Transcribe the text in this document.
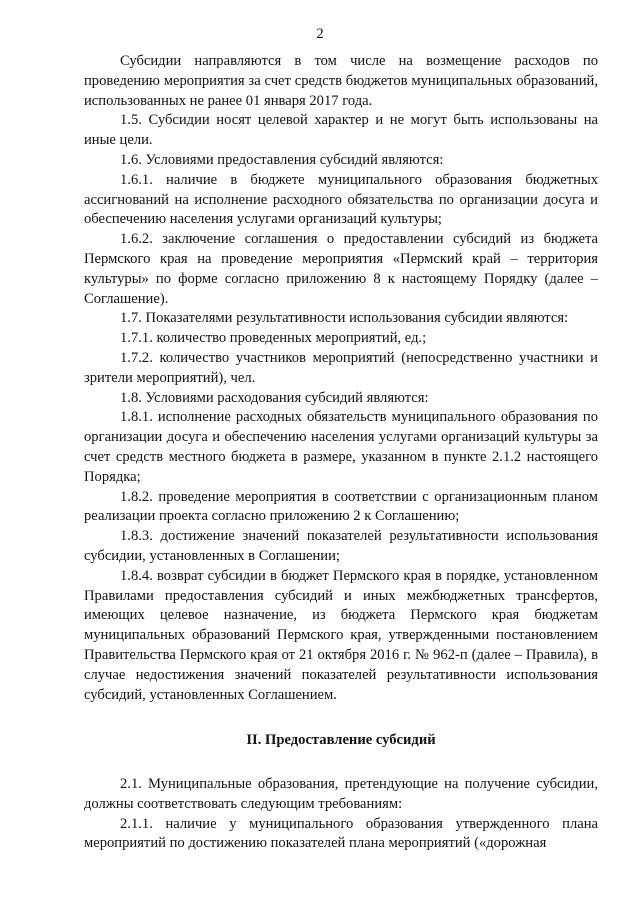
2

Субсидии направляются в том числе на возмещение расходов по проведению мероприятия за счет средств бюджетов муниципальных образований, использованных не ранее 01 января 2017 года.

1.5. Субсидии носят целевой характер и не могут быть использованы на иные цели.

1.6. Условиями предоставления субсидий являются:

1.6.1. наличие в бюджете муниципального образования бюджетных ассигнований на исполнение расходного обязательства по организации досуга и обеспечению населения услугами организаций культуры;

1.6.2. заключение соглашения о предоставлении субсидий из бюджета Пермского края на проведение мероприятия «Пермский край – территория культуры» по форме согласно приложению 8 к настоящему Порядку (далее – Соглашение).

1.7. Показателями результативности использования субсидии являются:

1.7.1. количество проведенных мероприятий, ед.;

1.7.2. количество участников мероприятий (непосредственно участники и зрители мероприятий), чел.

1.8. Условиями расходования субсидий являются:

1.8.1. исполнение расходных обязательств муниципального образования по организации досуга и обеспечению населения услугами организаций культуры за счет средств местного бюджета в размере, указанном в пункте 2.1.2 настоящего Порядка;

1.8.2. проведение мероприятия в соответствии с организационным планом реализации проекта согласно приложению 2 к Соглашению;

1.8.3. достижение значений показателей результативности использования субсидии, установленных в Соглашении;

1.8.4. возврат субсидии в бюджет Пермского края в порядке, установленном Правилами предоставления субсидий и иных межбюджетных трансфертов, имеющих целевое назначение, из бюджета Пермского края бюджетам муниципальных образований Пермского края, утвержденными постановлением Правительства Пермского края от 21 октября 2016 г. № 962-п (далее – Правила), в случае недостижения значений показателей результативности использования субсидий, установленных Соглашением.

II. Предоставление субсидий

2.1. Муниципальные образования, претендующие на получение субсидии, должны соответствовать следующим требованиям:

2.1.1. наличие у муниципального образования утвержденного плана мероприятий по достижению показателей плана мероприятий («дорожная
